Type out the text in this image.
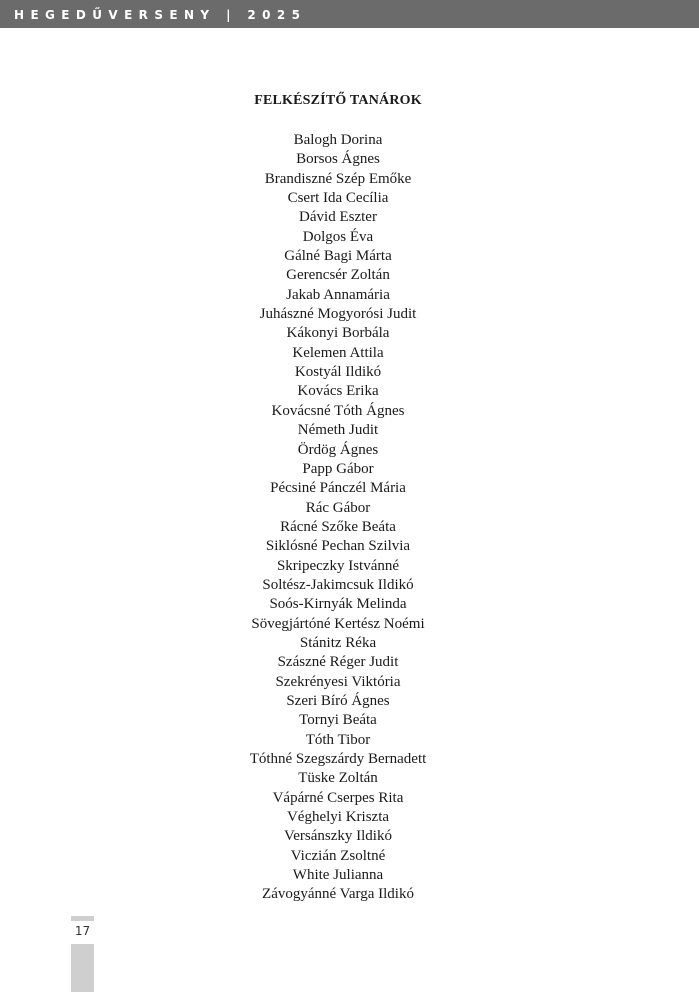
HEGEDŰVERSENY | 2025
FELKÉSZÍTŐ TANÁROK
Balogh Dorina
Borsos Ágnes
Brandiszné Szép Emőke
Csert Ida Cecília
Dávid Eszter
Dolgos Éva
Gálné Bagi Márta
Gerencsér Zoltán
Jakab Annamária
Juhászné Mogyorósi Judit
Kákonyi Borbála
Kelemen Attila
Kostyál Ildikó
Kovács Erika
Kovácsné Tóth Ágnes
Németh Judit
Ördög Ágnes
Papp Gábor
Pécsiné Pánczél Mária
Rác Gábor
Rácné Szőke Beáta
Siklósné Pechan Szilvia
Skripeczky Istvánné
Soltész-Jakimcsuk Ildikó
Soós-Kirnyák Melinda
Sövegjártóné Kertész Noémi
Stánitz Réka
Szászné Réger Judit
Szekrényesi Viktória
Szeri Bíró Ágnes
Tornyi Beáta
Tóth Tibor
Tóthné Szegszárdy Bernadett
Tüske Zoltán
Vápárné Cserpes Rita
Véghelyi Kriszta
Versánszky Ildikó
Viczián Zsoltné
White Julianna
Závogyánné Varga Ildikó
17
